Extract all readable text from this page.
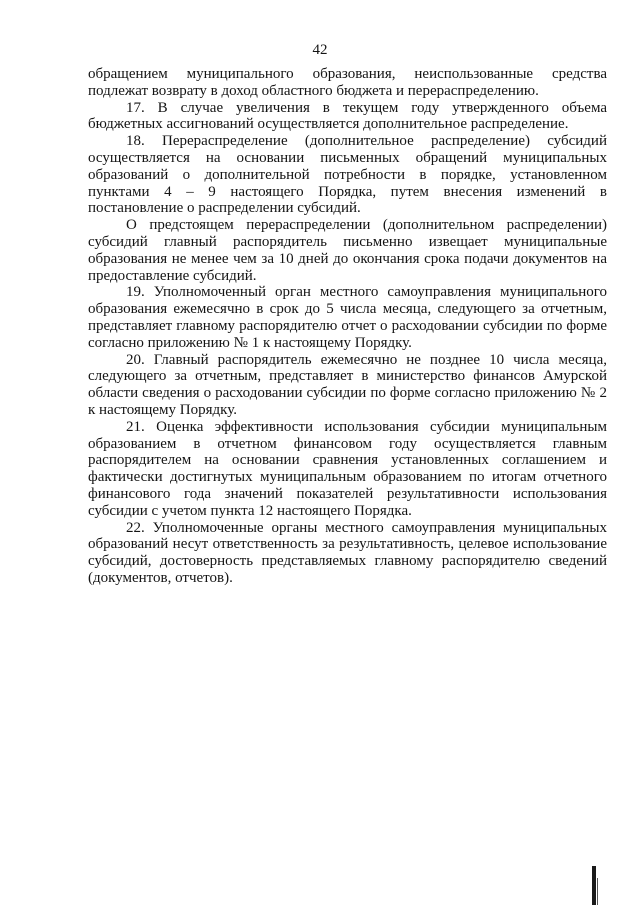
42

обращением муниципального образования, неиспользованные средства подлежат возврату в доход областного бюджета и перераспределению.

17. В случае увеличения в текущем году утвержденного объема бюджетных ассигнований осуществляется дополнительное распределение.

18. Перераспределение (дополнительное распределение) субсидий осуществляется на основании письменных обращений муниципальных образований о дополнительной потребности в порядке, установленном пунктами 4 – 9 настоящего Порядка, путем внесения изменений в постановление о распределении субсидий.

О предстоящем перераспределении (дополнительном распределении) субсидий главный распорядитель письменно извещает муниципальные образования не менее чем за 10 дней до окончания срока подачи документов на предоставление субсидий.

19. Уполномоченный орган местного самоуправления муниципального образования ежемесячно в срок до 5 числа месяца, следующего за отчетным, представляет главному распорядителю отчет о расходовании субсидии по форме согласно приложению № 1 к настоящему Порядку.

20. Главный распорядитель ежемесячно не позднее 10 числа месяца, следующего за отчетным, представляет в министерство финансов Амурской области сведения о расходовании субсидии по форме согласно приложению № 2 к настоящему Порядку.

21. Оценка эффективности использования субсидии муниципальным образованием в отчетном финансовом году осуществляется главным распорядителем на основании сравнения установленных соглашением и фактически достигнутых муниципальным образованием по итогам отчетного финансового года значений показателей результативности использования субсидии с учетом пункта 12 настоящего Порядка.

22. Уполномоченные органы местного самоуправления муниципальных образований несут ответственность за результативность, целевое использование субсидий, достоверность представляемых главному распорядителю сведений (документов, отчетов).
